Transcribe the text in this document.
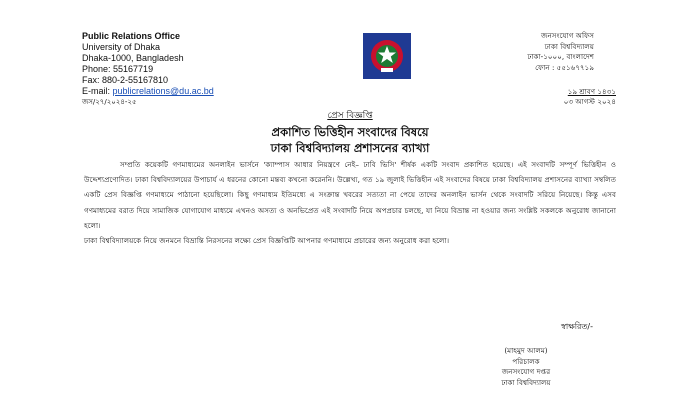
Public Relations Office
University of Dhaka
Dhaka-1000, Bangladesh
Phone: 55167719
Fax: 880-2-55167810
E-mail: publicrelations@du.ac.bd
জস/২৭/২০২৪-২৫
জনসংযোগ অফিস
ঢাকা বিশ্ববিদ্যালয়
ঢাকা-১০০০, বাংলাদেশ
ফোন : ৫৫১৬৭৭১৯
১৯ শ্রাবণ ১৪৩১
০৩ আগস্ট ২০২৪
প্রেস বিজ্ঞপ্তি
প্রকাশিত ভিত্তিহীন সংবাদের বিষয়ে
ঢাকা বিশ্ববিদ্যালয় প্রশাসনের ব্যাখ্যা

সম্প্রতি কয়েকটি গণমাধ্যমের অনলাইন ভার্সনে 'ক্যাম্পাস আধার নিয়ন্ত্রণে নেই– ঢাবি ভিসি' শীর্ষক একটি সংবাদ প্রকাশিত হয়েছে। এই সংবাদটি সম্পূর্ণ ভিত্তিহীন ও উদ্দেশ্যপ্রণোদিত। ঢাকা বিশ্ববিদ্যালয়ের উপাচার্য এ ধরনের কোনো মন্তব্য কখনো করেননি। উল্লেখ্য, গত ১৯ জুলাই ভিত্তিহীন এই সংবাদের বিষয়ে ঢাকা বিশ্ববিদ্যালয় প্রশাসনের ব্যাখ্যা সম্বলিত একটি প্রেস বিজ্ঞপ্তি গণমাধ্যমে পাঠানো হয়েছিলো। কিছু গণমাধ্যম ইতিমধ্যে এ সংক্রান্ত খবরের সত্যতা না পেয়ে তাদের অনলাইন ভার্সন থেকে সংবাদটি সরিয়ে নিয়েছে। কিন্তু এসব গণমাধ্যমের বরাত দিয়ে সামাজিক যোগাযোগ মাধ্যমে এখনও অসত্য ও অনভিপ্রেত এই সংবাদটি নিয়ে অপপ্রচার চলছে, যা নিয়ে বিভ্রান্ত না হওয়ার জন্য সংশ্লিষ্ট সকলকে অনুরোধ জানানো হলো।

ঢাকা বিশ্ববিদ্যালয়কে নিয়ে জনমনে বিভ্রান্তি নিরসনের লক্ষ্যে প্রেস বিজ্ঞপ্তিটি আপনার গণমাধ্যমে প্রচারের জন্য অনুরোধ করা হলো।

স্বাক্ষরিত/-
(মাহমুদ আলম)
পরিচালক
জনসংযোগ দপ্তর
ঢাকা বিশ্ববিদ্যালয়
